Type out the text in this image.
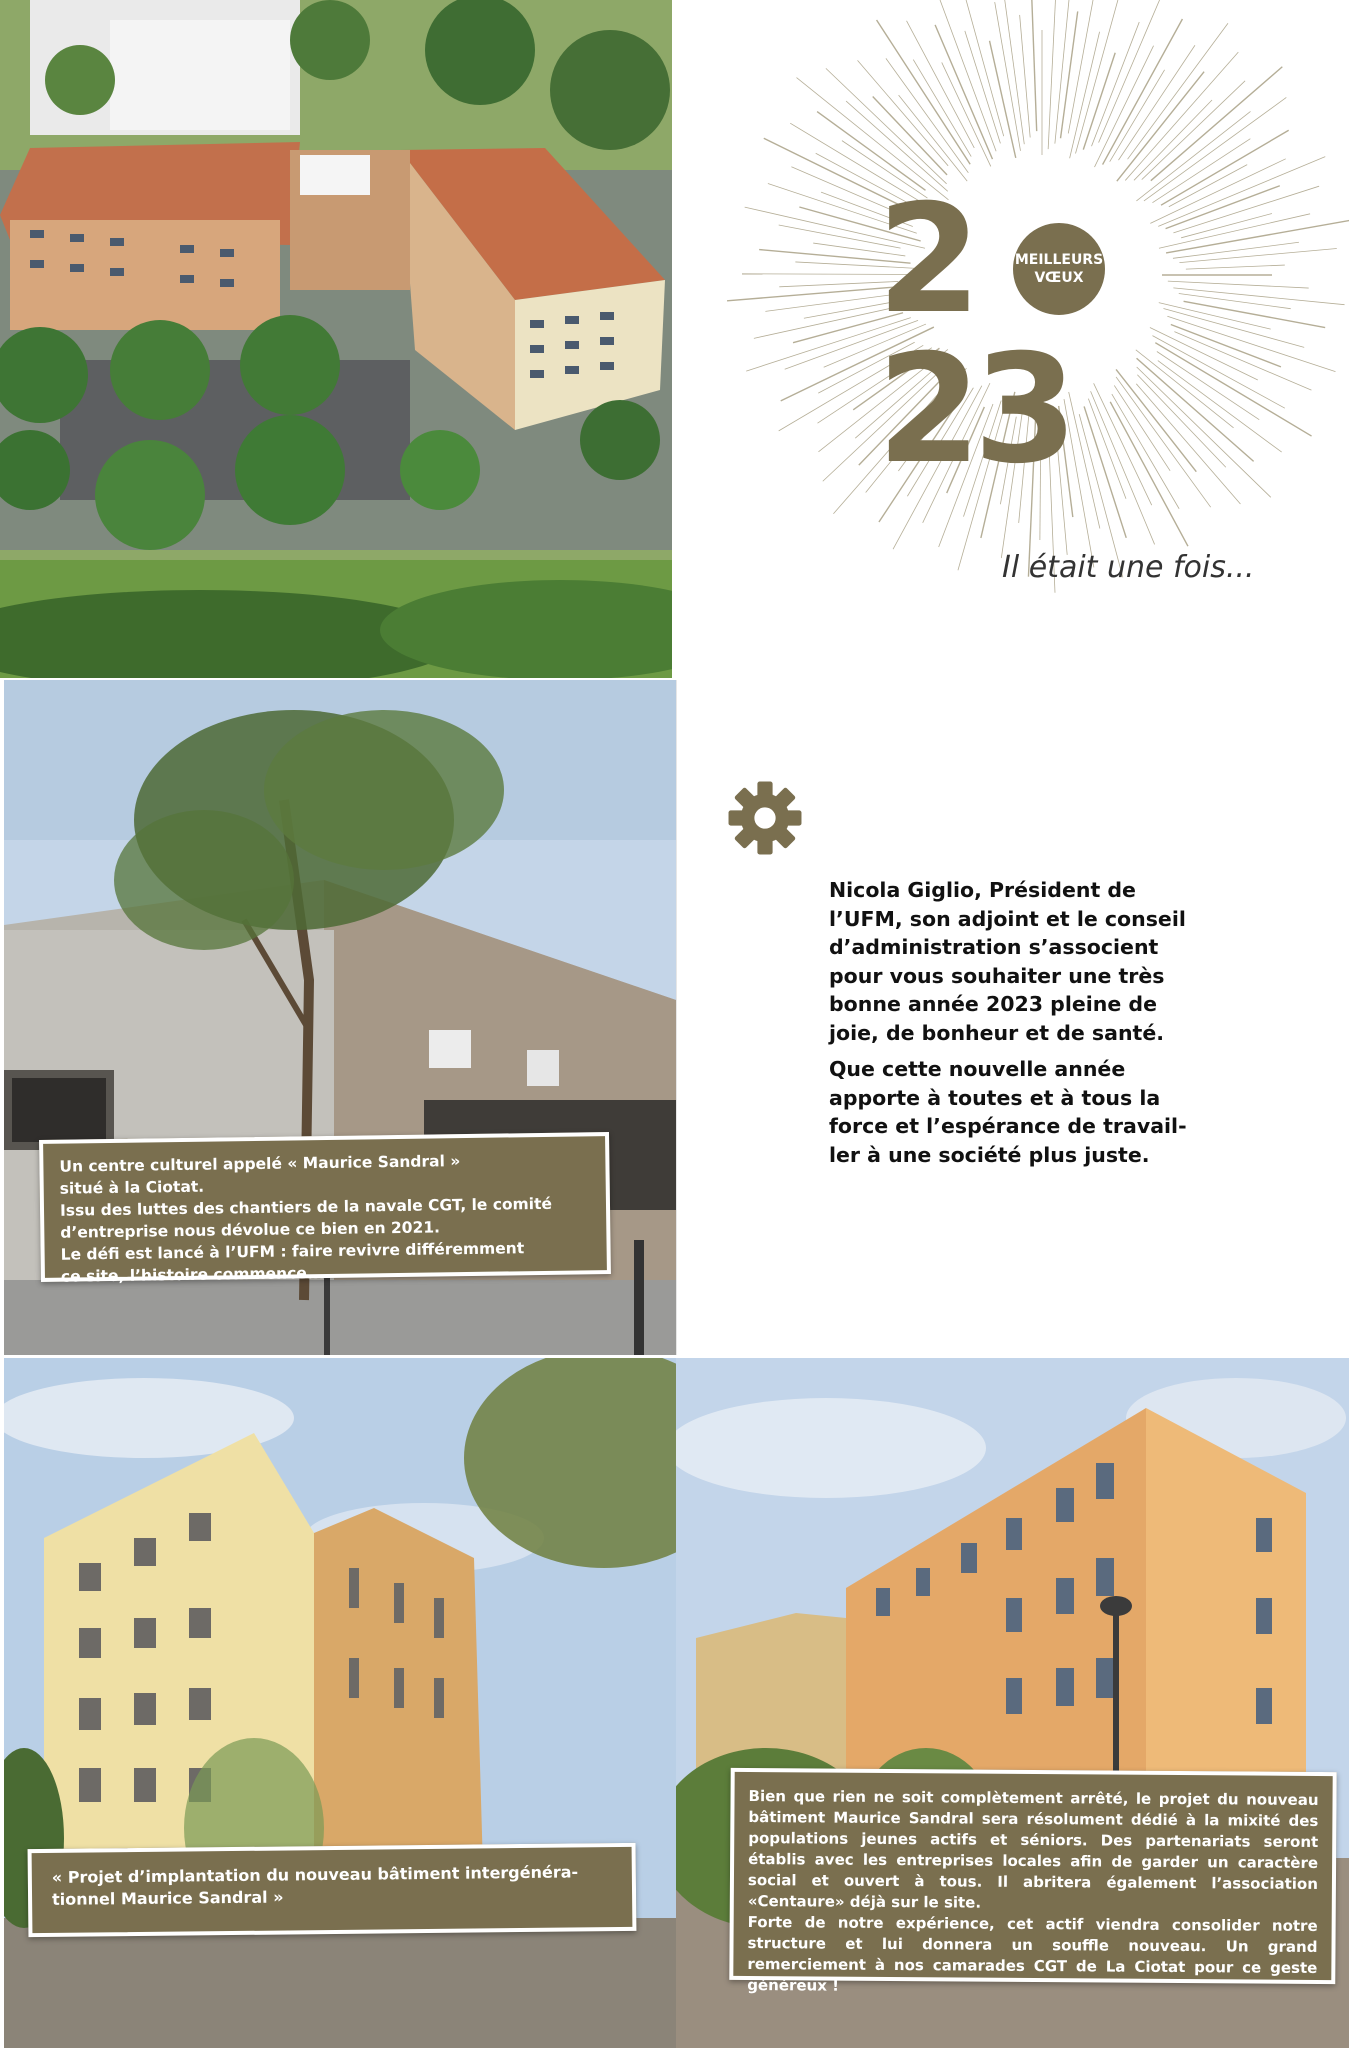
2	MEILLEURS
VŒUX
23
Il était une fois...

Un centre culturel appelé « Maurice Sandral »
situé à la Ciotat.
Issu des luttes des chantiers de la navale CGT, le comité
d’entreprise nous dévolue ce bien en 2021.
Le défi est lancé à l’UFM : faire revivre différemment
ce site, l’histoire commence...

Nicola Giglio, Président de
l’UFM, son adjoint et le conseil
d’administration s’associent
pour vous souhaiter une très
bonne année 2023 pleine de
joie, de bonheur et de santé.

Que cette nouvelle année
apporte à toutes et à tous la
force et l’espérance de travail-
ler à une société plus juste.

« Projet d’implantation du nouveau bâtiment intergénéra-
tionnel Maurice Sandral »

Bien que rien ne soit complètement arrêté, le projet du nouveau bâtiment Maurice Sandral sera résolument dédié à la mixité des populations jeunes actifs et séniors. Des partenariats seront établis avec les entreprises locales afin de garder un caractère social et ouvert à tous. Il abritera également l’association «Centaure» déjà sur le site.
Forte de notre expérience, cet actif viendra consolider notre structure et lui donnera un souffle nouveau. Un grand remerciement à nos camarades CGT de La Ciotat pour ce geste généreux !
